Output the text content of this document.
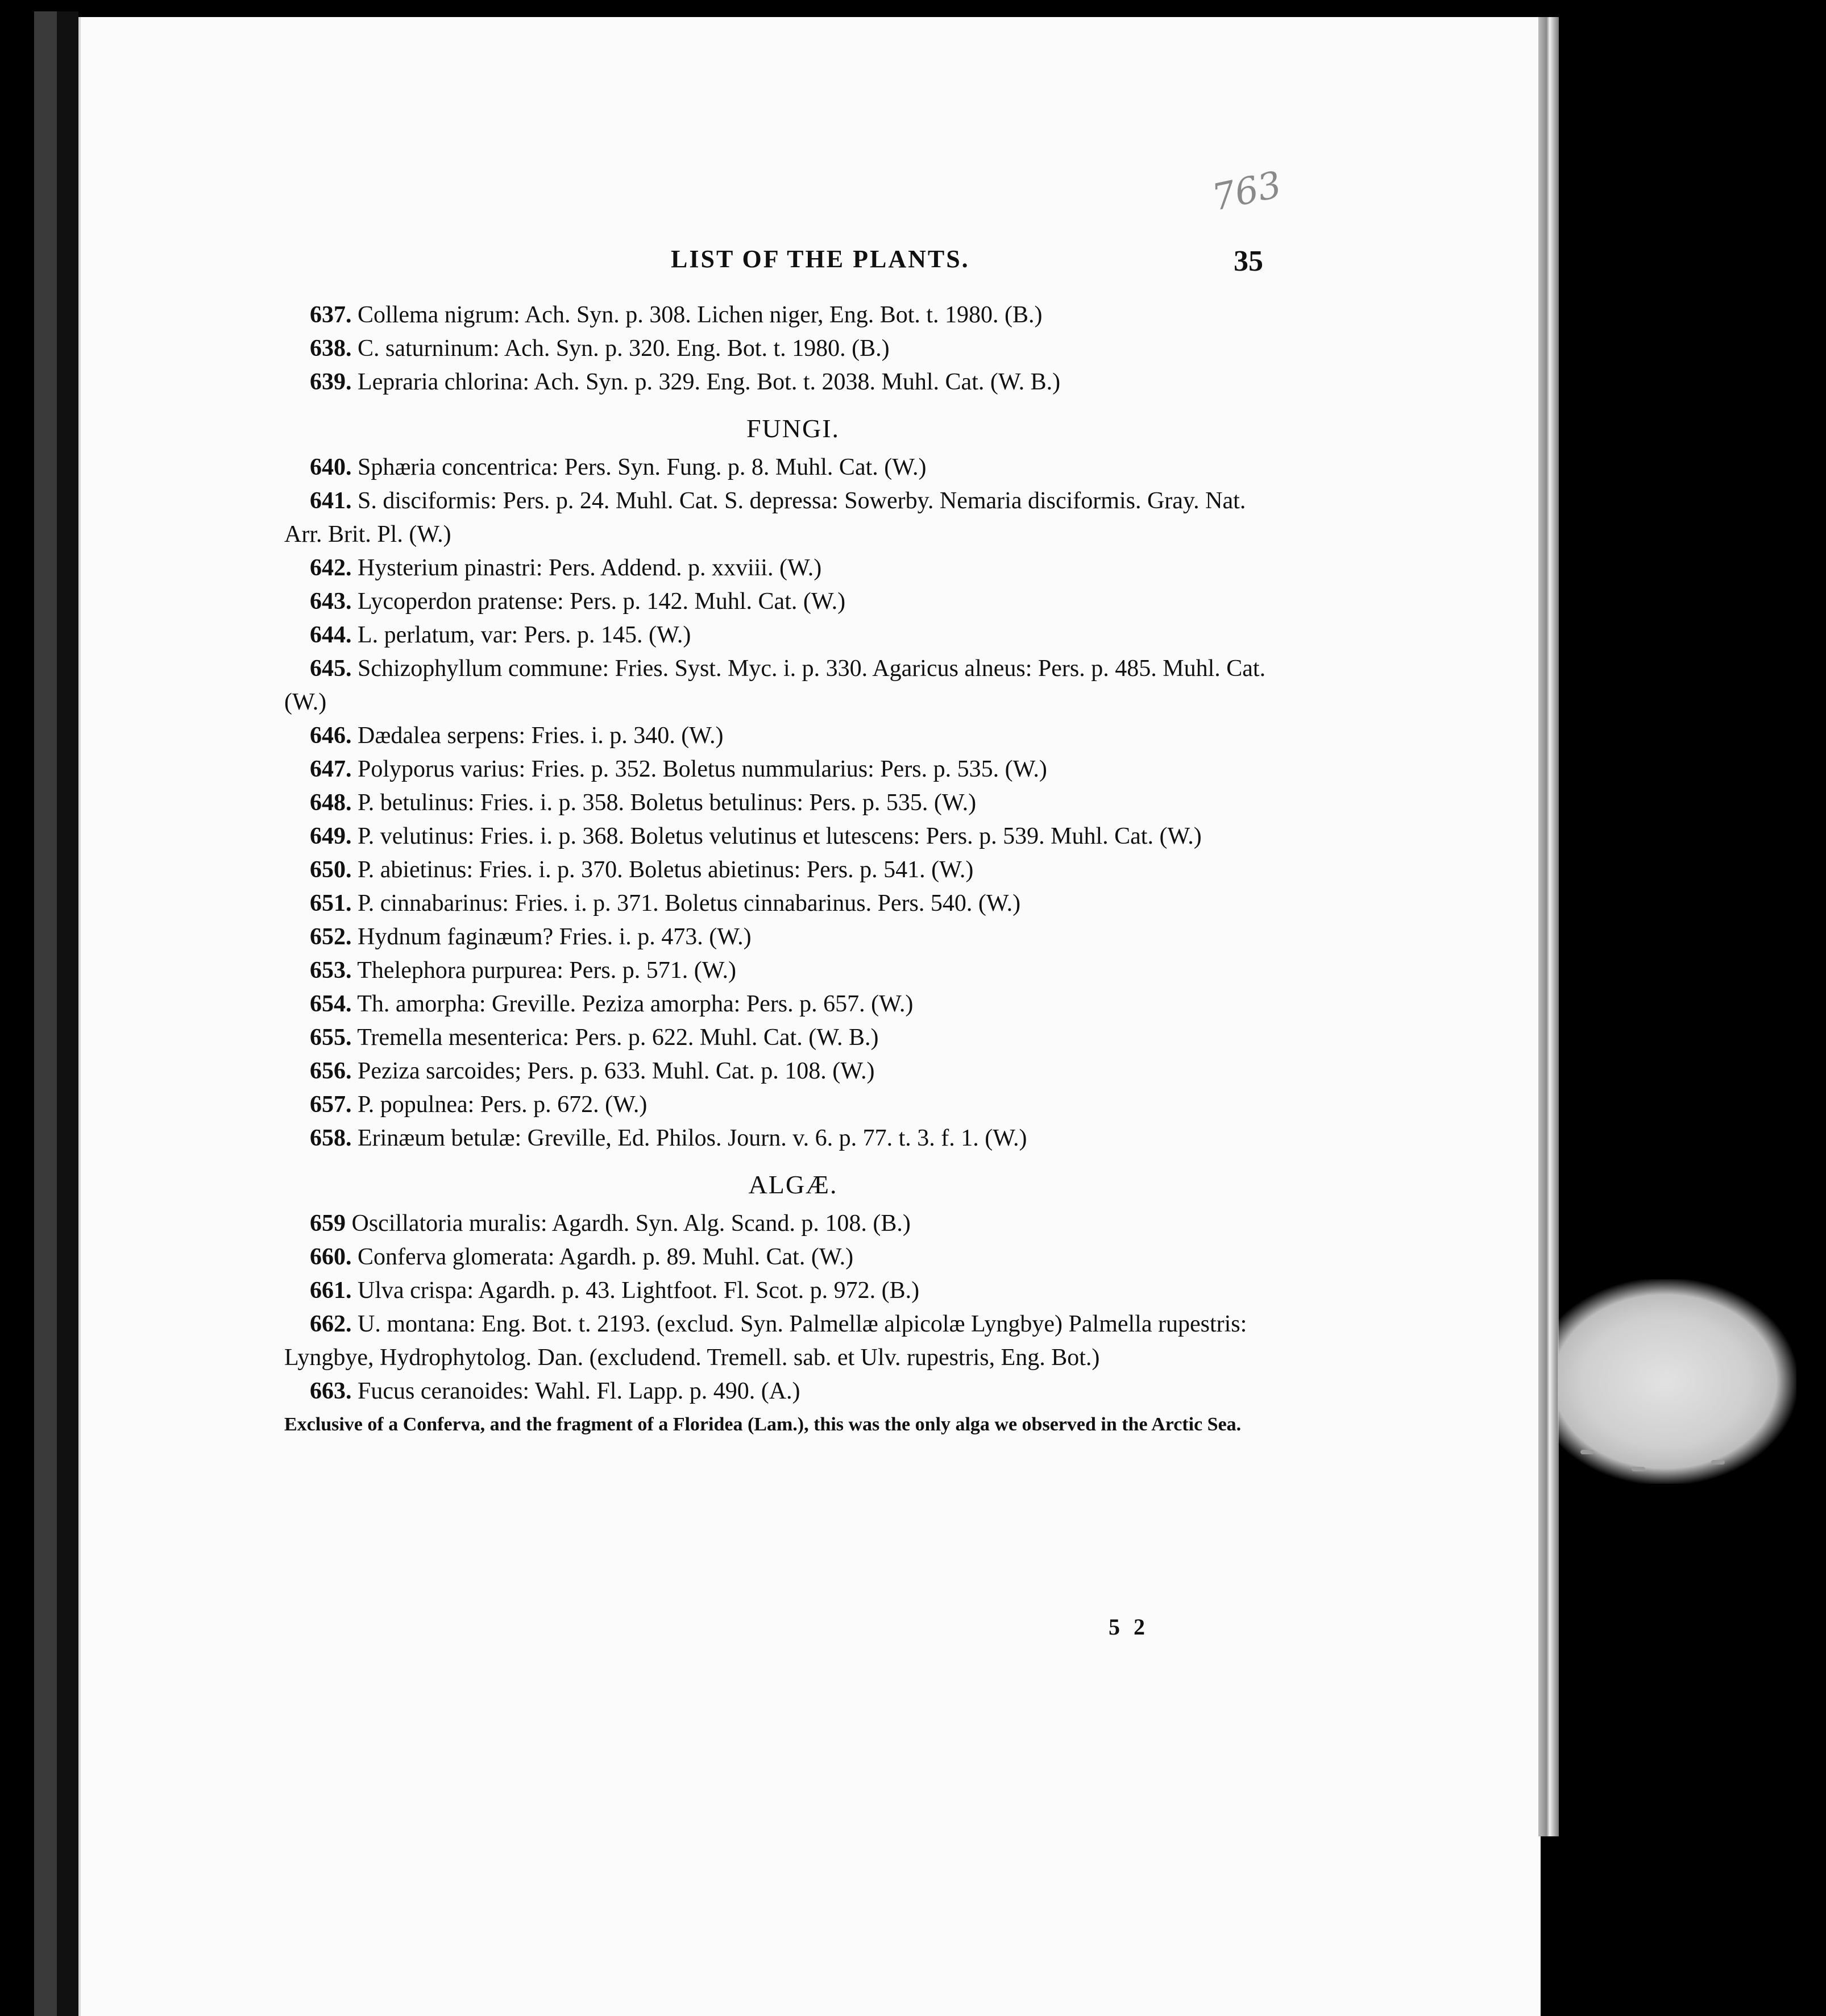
763
LIST OF THE PLANTS.	35
637. Collema nigrum: Ach. Syn. p. 308. Lichen niger, Eng. Bot. t. 1980. (B.)
638. C. saturninum: Ach. Syn. p. 320. Eng. Bot. t. 1980. (B.)
639. Lepraria chlorina: Ach. Syn. p. 329. Eng. Bot. t. 2038. Muhl. Cat. (W. B.)
FUNGI.
640. Sphæria concentrica: Pers. Syn. Fung. p. 8. Muhl. Cat. (W.)
641. S. disciformis: Pers. p. 24. Muhl. Cat. S. depressa: Sowerby. Nemaria disciformis. Gray. Nat. Arr. Brit. Pl. (W.)
642. Hysterium pinastri: Pers. Addend. p. xxviii. (W.)
643. Lycoperdon pratense: Pers. p. 142. Muhl. Cat. (W.)
644. L. perlatum, var: Pers. p. 145. (W.)
645. Schizophyllum commune: Fries. Syst. Myc. i. p. 330. Agaricus alneus: Pers. p. 485. Muhl. Cat. (W.)
646. Dædalea serpens: Fries. i. p. 340. (W.)
647. Polyporus varius: Fries. p. 352. Boletus nummularius: Pers. p. 535. (W.)
648. P. betulinus: Fries. i. p. 358. Boletus betulinus: Pers. p. 535. (W.)
649. P. velutinus: Fries. i. p. 368. Boletus velutinus et lutescens: Pers. p. 539. Muhl. Cat. (W.)
650. P. abietinus: Fries. i. p. 370. Boletus abietinus: Pers. p. 541. (W.)
651. P. cinnabarinus: Fries. i. p. 371. Boletus cinnabarinus. Pers. 540. (W.)
652. Hydnum faginæum? Fries. i. p. 473. (W.)
653. Thelephora purpurea: Pers. p. 571. (W.)
654. Th. amorpha: Greville. Peziza amorpha: Pers. p. 657. (W.)
655. Tremella mesenterica: Pers. p. 622. Muhl. Cat. (W. B.)
656. Peziza sarcoides; Pers. p. 633. Muhl. Cat. p. 108. (W.)
657. P. populnea: Pers. p. 672. (W.)
658. Erinæum betulæ: Greville, Ed. Philos. Journ. v. 6. p. 77. t. 3. f. 1. (W.)
ALGÆ.
659 Oscillatoria muralis: Agardh. Syn. Alg. Scand. p. 108. (B.)
660. Conferva glomerata: Agardh. p. 89. Muhl. Cat. (W.)
661. Ulva crispa: Agardh. p. 43. Lightfoot. Fl. Scot. p. 972. (B.)
662. U. montana: Eng. Bot. t. 2193. (exclud. Syn. Palmellæ alpicolæ Lyngbye) Palmella rupestris: Lyngbye, Hydrophytolog. Dan. (excludend. Tremell. sab. et Ulv. rupestris, Eng. Bot.)
663. Fucus ceranoides: Wahl. Fl. Lapp. p. 490. (A.)
Exclusive of a Conferva, and the fragment of a Floridea (Lam.), this was the only alga we observed in the Arctic Sea.
52
